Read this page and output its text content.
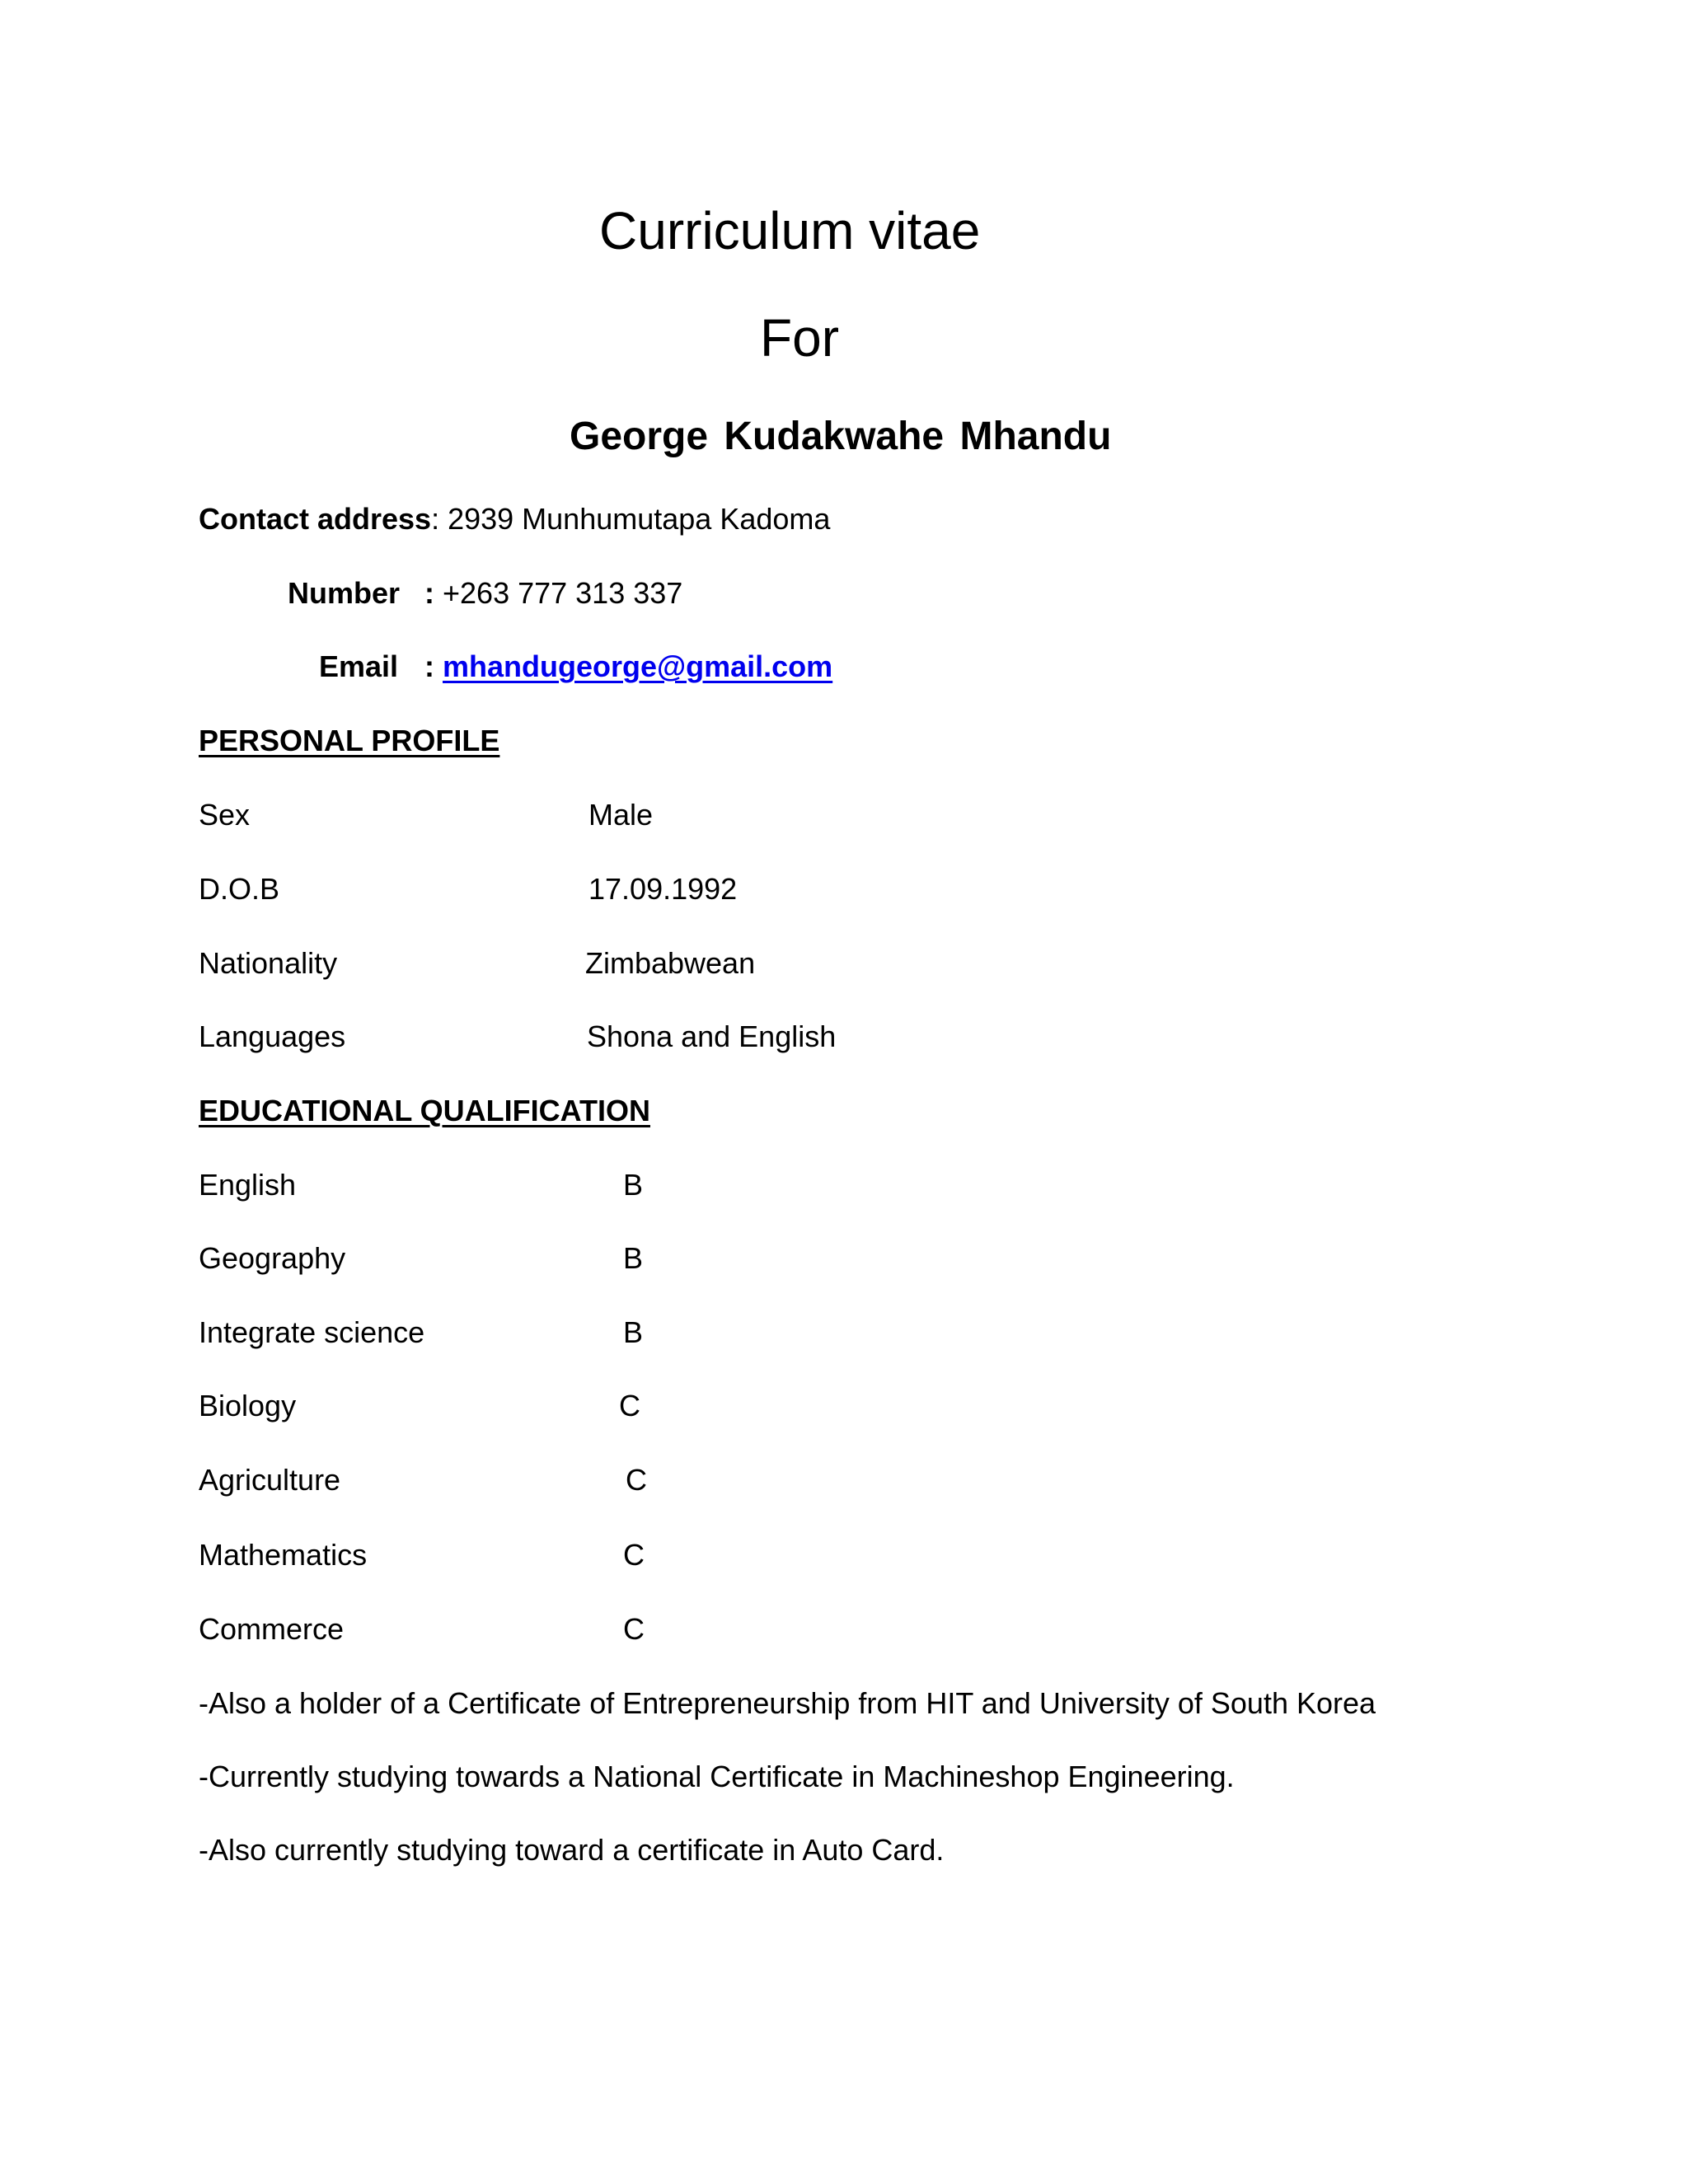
Curriculum vitae
For
George Kudakwahe Mhandu
Contact address: 2939 Munhumutapa Kadoma
Number : +263 777 313 337
Email : mhandugeorge@gmail.com
PERSONAL PROFILE
Sex	Male
D.O.B	17.09.1992
Nationality	Zimbabwean
Languages	Shona and English
EDUCATIONAL QUALIFICATION
English	B
Geography	B
Integrate science	B
Biology	C
Agriculture	C
Mathematics	C
Commerce	C
-Also a holder of a Certificate of Entrepreneurship from HIT and University of South Korea
-Currently studying towards a National Certificate in Machineshop Engineering.
-Also currently studying toward a certificate in Auto Card.
